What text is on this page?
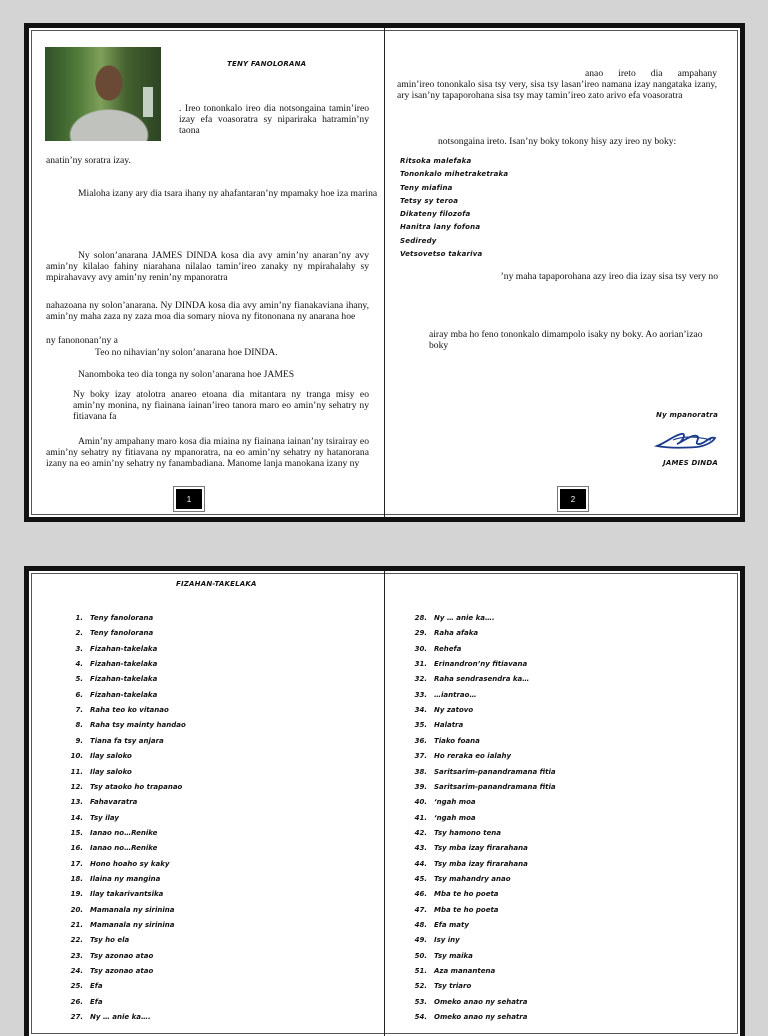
TENY FANOLORANA
. Ireo tononkalo ireo dia notsongaina tamin’ireo izay efa voasoratra sy nipariraka hatramin’ny taona
anatin’ny soratra izay.
Mialoha izany ary dia tsara ihany ny ahafantaran’ny mpamaky hoe iza marina
Ny solon’anarana JAMES DINDA kosa dia avy amin’ny anaran’ny avy amin’ny kilalao fahiny niarahana nilalao tamin’ireo zanaky ny mpirahalahy sy mpirahavavy avy amin’ny renin’ny mpanoratra
nahazoana ny solon’anarana. Ny DINDA kosa dia avy amin’ny fianakaviana ihany, amin’ny maha zaza ny zaza moa dia somary niova ny fitononana ny anarana hoe
ny fanononan’ny a
Teo no nihavian’ny solon’anarana hoe DINDA.
Nanomboka teo dia tonga ny solon’anarana hoe JAMES
Ny boky izay atolotra anareo etoana dia mitantara ny tranga misy eo amin’ny monina, ny fiainana iainan’ireo tanora maro eo amin’ny sehatry ny fitiavana fa
Amin’ny ampahany maro kosa dia miaina ny fiainana iainan’ny tsirairay eo amin’ny sehatry ny fitiavana ny mpanoratra, na eo amin’ny sehatry ny hatanorana izany na eo amin’ny sehatry ny fanambadiana. Manome lanja manokana izany ny
1
anao ireto dia ampahany amin’ireo tononkalo sisa tsy very, sisa tsy lasan’ireo namana izay nangataka izany, ary isan’ny tapaporohana sisa tsy may tamin’ireo zato arivo efa voasoratra
notsongaina ireto. Isan’ny boky tokony hisy azy ireo ny boky:
Ritsoka malefaka
Tononkalo mihetraketraka
Teny miafina
Tetsy sy teroa
Dikateny filozofa
Hanitra lany fofona
Sediredy
Vetsovetso takariva
’ny maha tapaporohana azy ireo dia izay sisa tsy very no
airay mba ho feno tononkalo dimampolo isaky ny boky. Ao aorian’izao boky
Ny mpanoratra
JAMES DINDA
2
FIZAHAN-TAKELAKA
1. Teny fanolorana
2. Teny fanolorana
3. Fizahan-takelaka
4. Fizahan-takelaka
5. Fizahan-takelaka
6. Fizahan-takelaka
7. Raha teo ko vitanao
8. Raha tsy mainty handao
9. Tiana fa tsy anjara
10. Ilay saloko
11. Ilay saloko
12. Tsy ataoko ho trapanao
13. Fahavaratra
14. Tsy ilay
15. Ianao no…Renike
16. Ianao no…Renike
17. Hono hoaho sy kaky
18. Ilaina ny mangina
19. Ilay takarivantsika
20. Mamanala ny sirinina
21. Mamanala ny sirinina
22. Tsy ho ela
23. Tsy azonao atao
24. Tsy azonao atao
25. Efa
26. Efa
27. Ny … anie ka….
28. Ny … anie ka….
29. Raha afaka
30. Rehefa
31. Erinandron’ny fitiavana
32. Raha sendrasendra ka…
33. …iantrao…
34. Ny zatovo
35. Halatra
36. Tiako foana
37. Ho reraka eo ialahy
38. Saritsarim-panandramana fitia
39. Saritsarim-panandramana fitia
40. ‘ngah moa
41. ‘ngah moa
42. Tsy hamono tena
43. Tsy mba izay firarahana
44. Tsy mba izay firarahana
45. Tsy mahandry anao
46. Mba te ho poeta
47. Mba te ho poeta
48. Efa maty
49. Isy iny
50. Tsy maika
51. Aza manantena
52. Tsy triaro
53. Omeko anao ny sehatra
54. Omeko anao ny sehatra
